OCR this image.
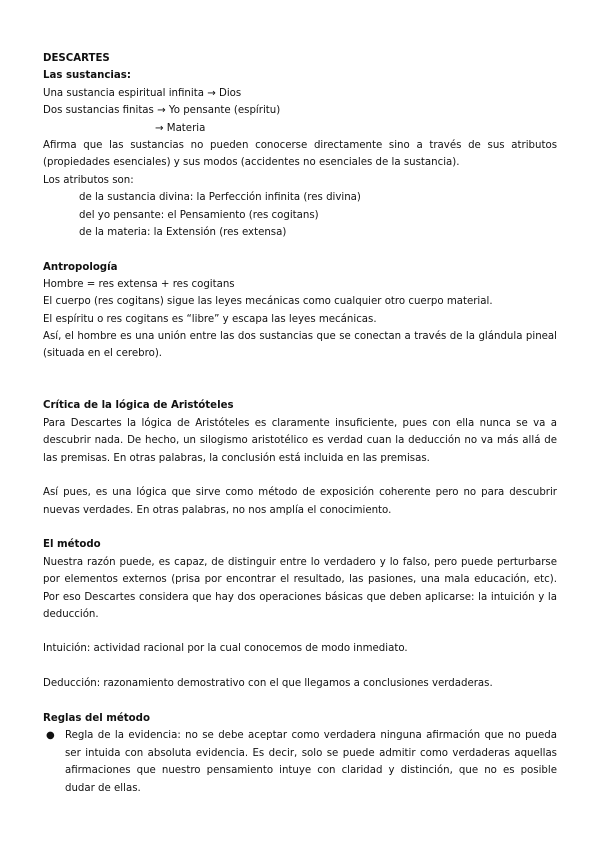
DESCARTES
Las sustancias:
Una sustancia espiritual infinita → Dios
Dos sustancias finitas → Yo pensante (espíritu)
→ Materia
Afirma que las sustancias no pueden conocerse directamente sino a través de sus atributos
(propiedades esenciales) y sus modos (accidentes no esenciales de la sustancia).
Los atributos son:
de la sustancia divina: la Perfección infinita (res divina)
del yo pensante: el Pensamiento (res cogitans)
de la materia: la Extensión (res extensa)
Antropología
Hombre = res extensa + res cogitans
El cuerpo (res cogitans) sigue las leyes mecánicas como cualquier otro cuerpo material.
El espíritu o res cogitans es “libre” y escapa las leyes mecánicas.
Así, el hombre es una unión entre las dos sustancias que se conectan a través de la glándula pineal
(situada en el cerebro).
Crítica de la lógica de Aristóteles
Para Descartes la lógica de Aristóteles es claramente insuficiente, pues con ella nunca se va a
descubrir nada. De hecho, un silogismo aristotélico es verdad cuan la deducción no va más allá de
las premisas. En otras palabras, la conclusión está incluida en las premisas.
Así pues, es una lógica que sirve como método de exposición coherente pero no para descubrir
nuevas verdades. En otras palabras, no nos amplía el conocimiento.
El método
Nuestra razón puede, es capaz, de distinguir entre lo verdadero y lo falso, pero puede perturbarse
por elementos externos (prisa por encontrar el resultado, las pasiones, una mala educación, etc).
Por eso Descartes considera que hay dos operaciones básicas que deben aplicarse: la intuición y la
deducción.
Intuición: actividad racional por la cual conocemos de modo inmediato.
Deducción: razonamiento demostrativo con el que llegamos a conclusiones verdaderas.
Reglas del método
● Regla de la evidencia: no se debe aceptar como verdadera ninguna afirmación que no pueda
ser intuida con absoluta evidencia. Es decir, solo se puede admitir como verdaderas aquellas
afirmaciones que nuestro pensamiento intuye con claridad y distinción, que no es posible
dudar de ellas.
